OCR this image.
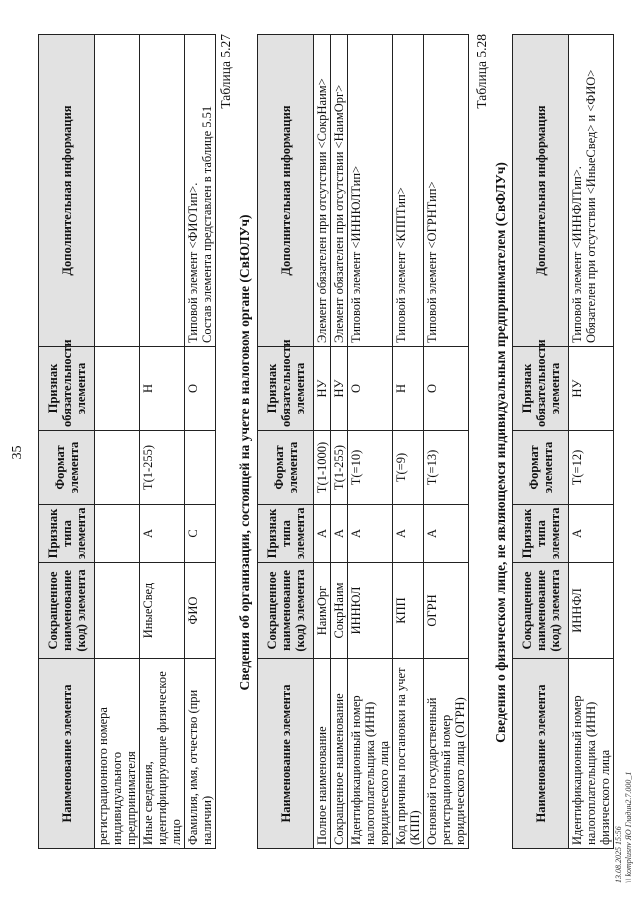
35
Наименование элемента	Сокращенное наименование (код) элемента	Признак типа элемента	Формат элемента	Признак обязательности элемента	Дополнительная информация
регистрационного номера индивидуального предпринимателя					
Иные сведения, идентифицирующие физическое лицо	ИныеСвед	А	T(1-255)	Н	
Фамилия, имя, отчество (при наличии)	ФИО	С		О	Типовой элемент <ФИОТип>.
Состав элемента представлен в таблице 5.51
Таблица 5.27
Сведения об организации, состоящей на учете в налоговом органе (СвЮЛУч)
Наименование элемента	Сокращенное наименование (код) элемента	Признак типа элемента	Формат элемента	Признак обязательности элемента	Дополнительная информация
Полное наименование	НаимОрг	А	T(1-1000)	НУ	Элемент обязателен при отсутствии <СокрНаим>
Сокращенное наименование	СокрНаим	А	T(1-255)	НУ	Элемент обязателен при отсутствии <НаимОрг>
Идентификационный номер налогоплательщика (ИНН) юридического лица	ИННЮЛ	А	T(=10)	О	Типовой элемент <ИННЮЛТип>
Код причины постановки на учет (КПП)	КПП	А	T(=9)	Н	Типовой элемент <КППТип>
Основной государственный регистрационный номер юридического лица (ОГРН)	ОГРН	А	T(=13)	О	Типовой элемент <ОГРНТип>
Таблица 5.28
Сведения о физическом лице, не являющемся индивидуальным предпринимателем (СвФЛУч)
Наименование элемента	Сокращенное наименование (код) элемента	Признак типа элемента	Формат элемента	Признак обязательности элемента	Дополнительная информация
Идентификационный номер налогоплательщика (ИНН) физического лица	ИННФЛ	А	T(=12)	НУ	Типовой элемент <ИННФЛТип>.
Обязателен при отсутствии <ИныеСвед> и <ФИО>
13.08.2025 15:56 \\ komplusnv ЯО Гладин2.7.000_1
